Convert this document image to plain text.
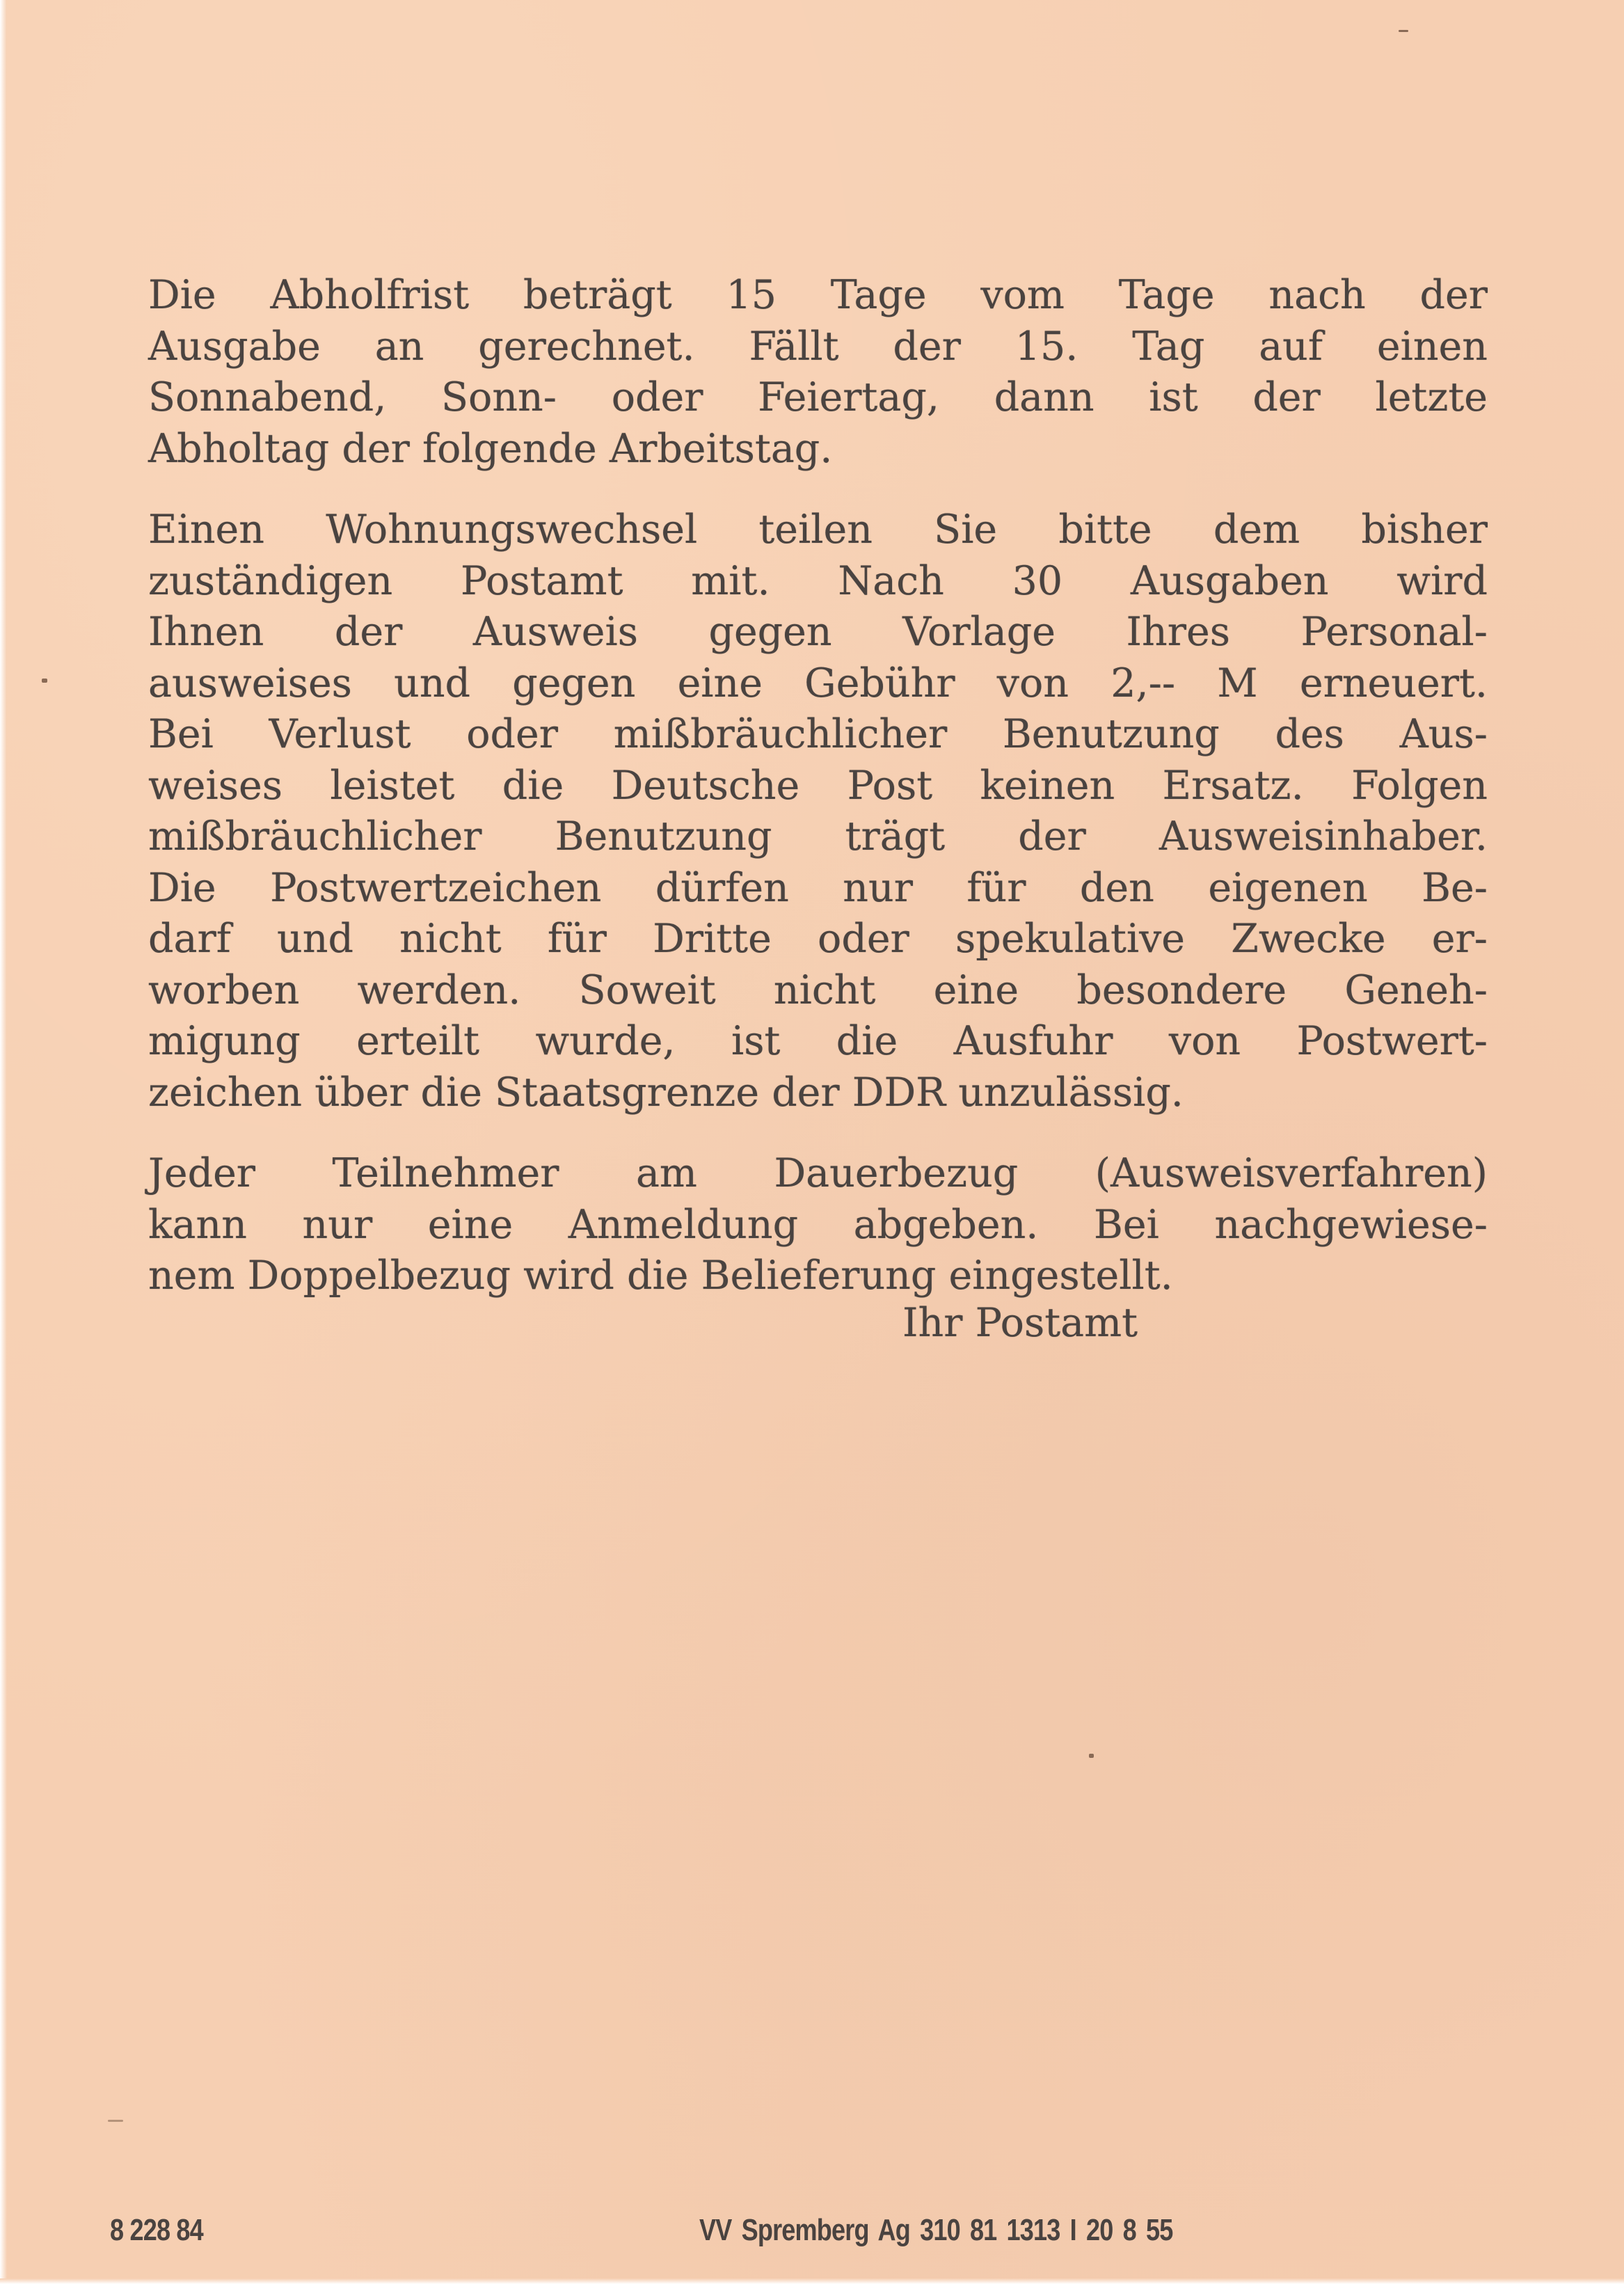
Die Abholfrist beträgt 15 Tage vom Tage nach der
Ausgabe an gerechnet. Fällt der 15. Tag auf einen
Sonnabend, Sonn- oder Feiertag, dann ist der letzte
Abholtag der folgende Arbeitstag.
Einen Wohnungswechsel teilen Sie bitte dem bisher
zuständigen Postamt mit. Nach 30 Ausgaben wird
Ihnen der Ausweis gegen Vorlage Ihres Personal-
ausweises und gegen eine Gebühr von 2,-- M erneuert.
Bei Verlust oder mißbräuchlicher Benutzung des Aus-
weises leistet die Deutsche Post keinen Ersatz. Folgen
mißbräuchlicher Benutzung trägt der Ausweisinhaber.
Die Postwertzeichen dürfen nur für den eigenen Be-
darf und nicht für Dritte oder spekulative Zwecke er-
worben werden. Soweit nicht eine besondere Geneh-
migung erteilt wurde, ist die Ausfuhr von Postwert-
zeichen über die Staatsgrenze der DDR unzulässig.
Jeder Teilnehmer am Dauerbezug (Ausweisverfahren)
kann nur eine Anmeldung abgeben. Bei nachgewiese-
nem Doppelbezug wird die Belieferung eingestellt.
Ihr Postamt
8 228 84	VV Spremberg Ag 310 81 1313 I 20 8 55
